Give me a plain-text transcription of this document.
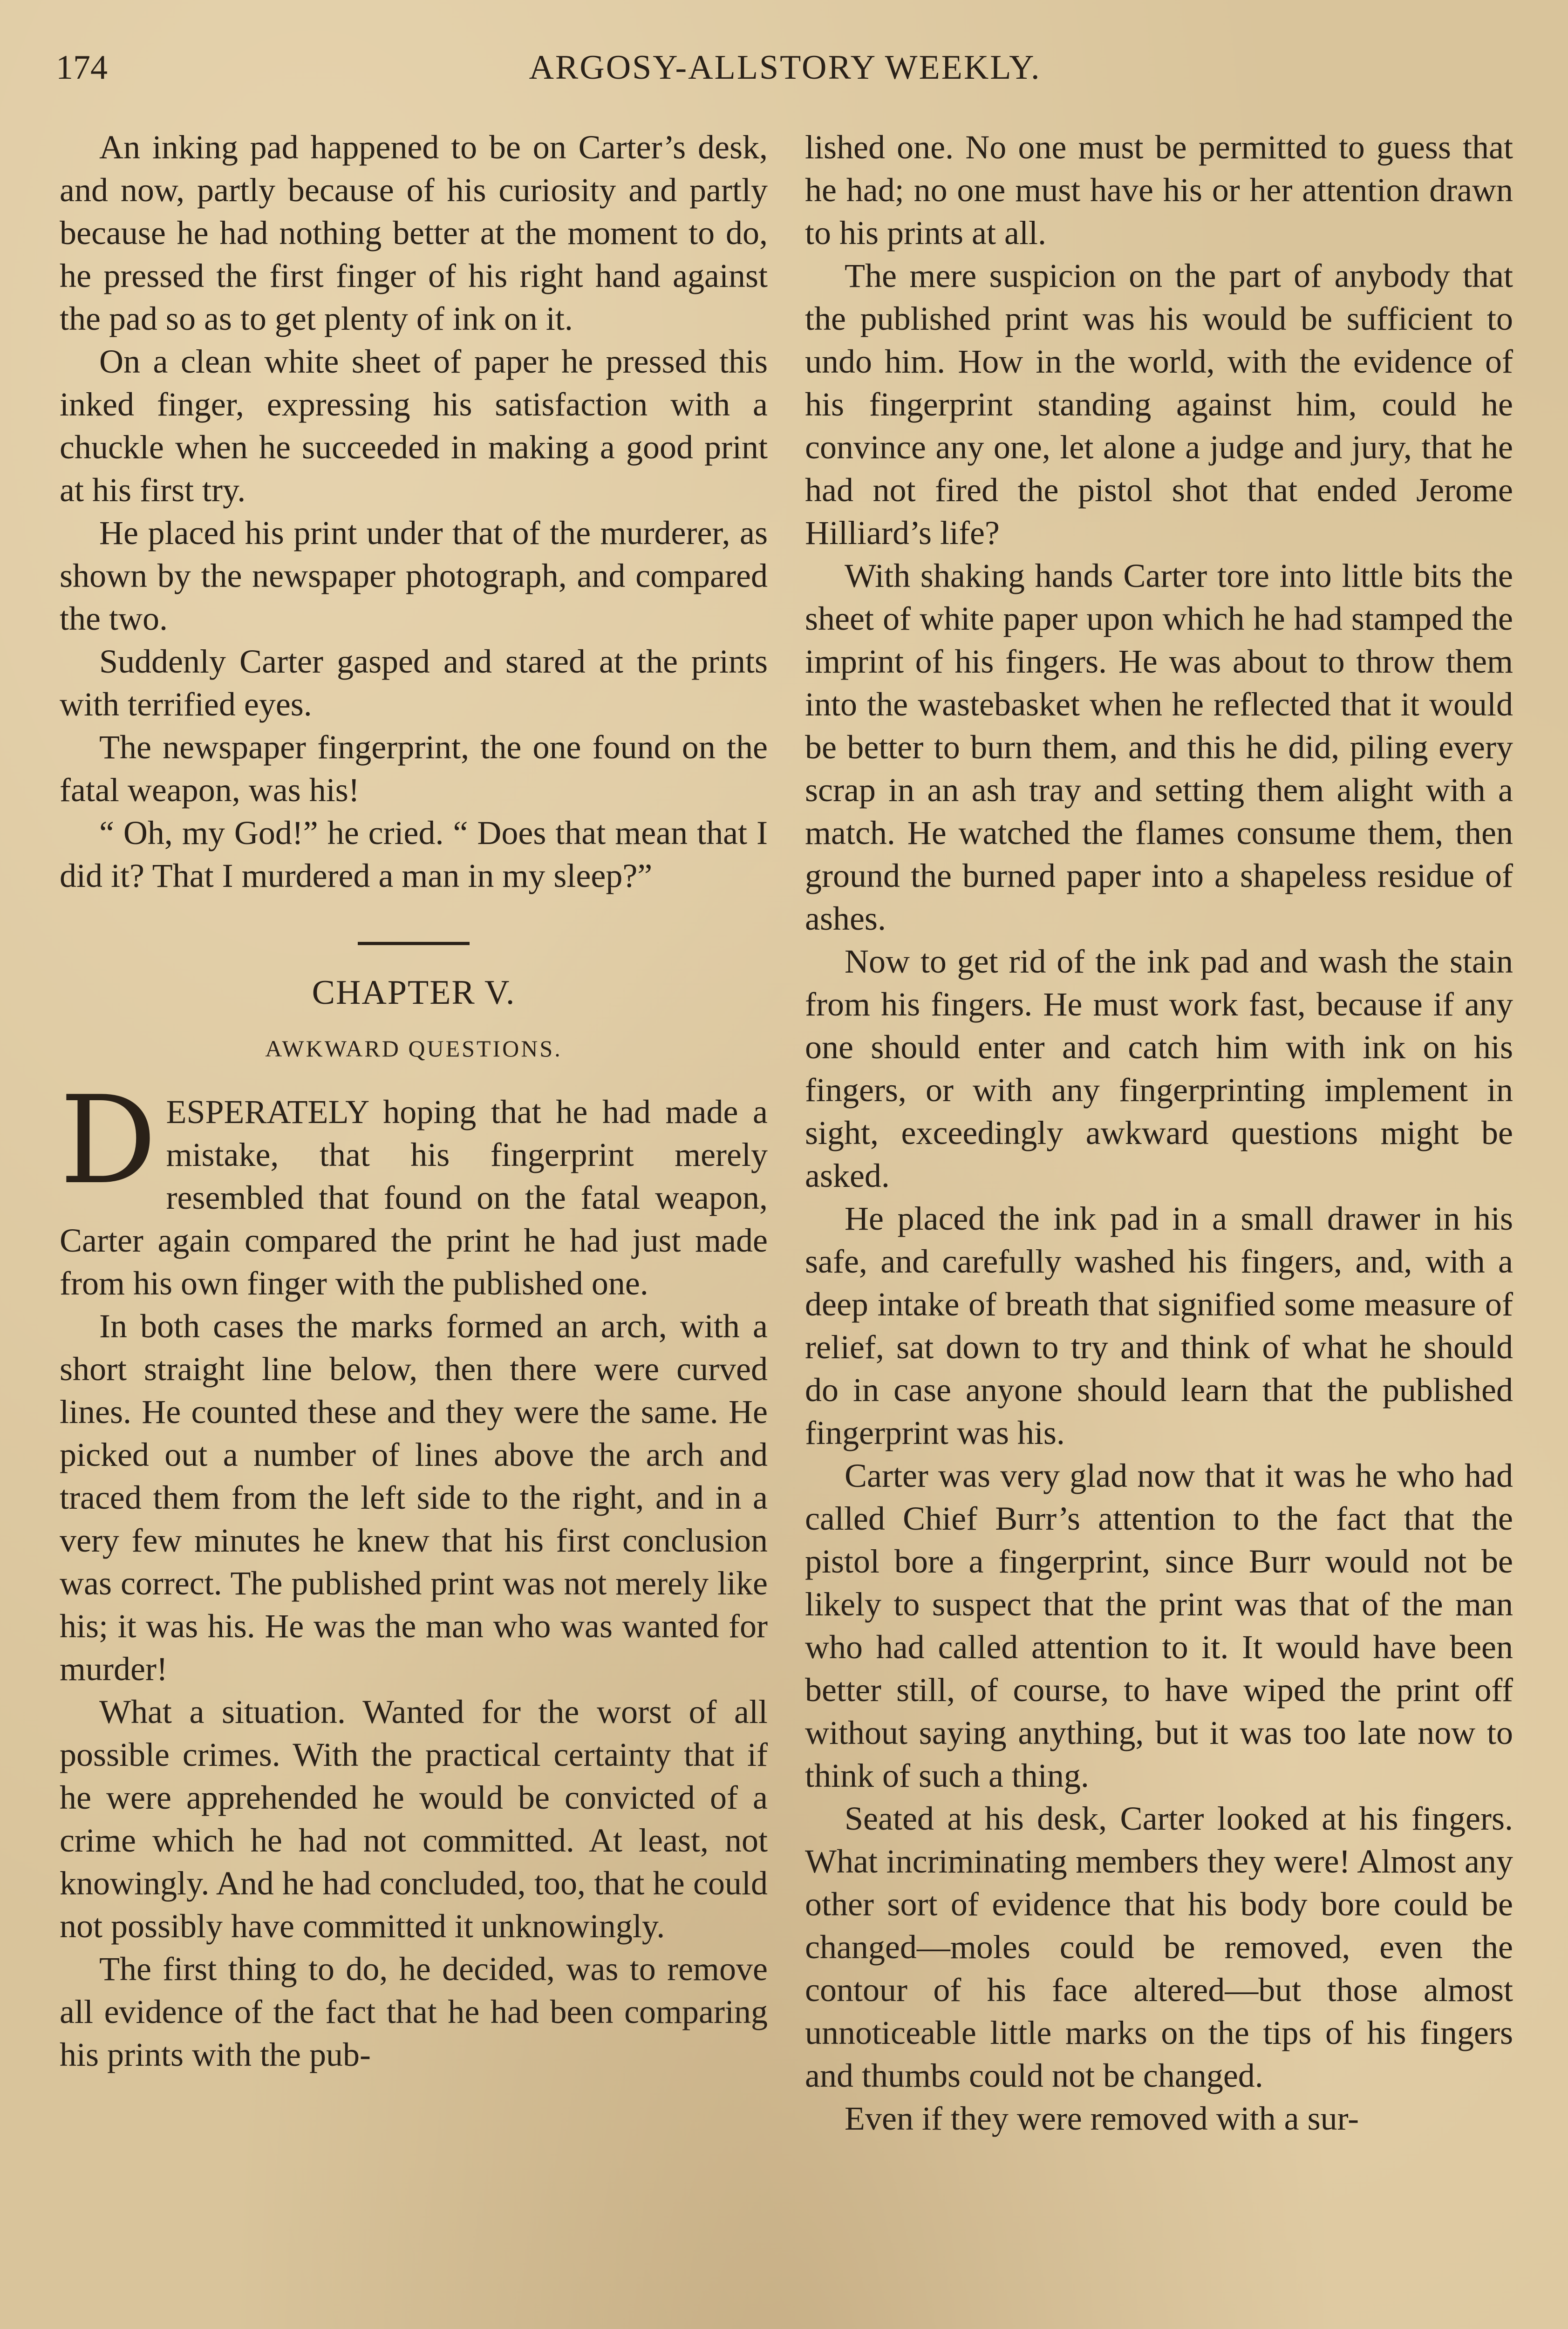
174	ARGOSY-ALLSTORY WEEKLY.

An inking pad happened to be on Carter’s desk, and now, partly because of his curiosity and partly because he had nothing better at the moment to do, he pressed the first finger of his right hand against the pad so as to get plenty of ink on it.

On a clean white sheet of paper he pressed this inked finger, expressing his satisfaction with a chuckle when he succeeded in making a good print at his first try.

He placed his print under that of the murderer, as shown by the newspaper photograph, and compared the two.

Suddenly Carter gasped and stared at the prints with terrified eyes.

The newspaper fingerprint, the one found on the fatal weapon, was his!

“ Oh, my God!” he cried. “ Does that mean that I did it? That I murdered a man in my sleep?”

CHAPTER V.
AWKWARD QUESTIONS.

DESPERATELY hoping that he had made a mistake, that his fingerprint merely resembled that found on the fatal weapon, Carter again compared the print he had just made from his own finger with the published one.

In both cases the marks formed an arch, with a short straight line below, then there were curved lines. He counted these and they were the same. He picked out a number of lines above the arch and traced them from the left side to the right, and in a very few minutes he knew that his first conclusion was correct. The published print was not merely like his; it was his. He was the man who was wanted for murder!

What a situation. Wanted for the worst of all possible crimes. With the practical certainty that if he were apprehended he would be convicted of a crime which he had not committed. At least, not knowingly. And he had concluded, too, that he could not possibly have committed it unknowingly.

The first thing to do, he decided, was to remove all evidence of the fact that he had been comparing his prints with the pub-

lished one. No one must be permitted to guess that he had; no one must have his or her attention drawn to his prints at all.

The mere suspicion on the part of anybody that the published print was his would be sufficient to undo him. How in the world, with the evidence of his fingerprint standing against him, could he convince any one, let alone a judge and jury, that he had not fired the pistol shot that ended Jerome Hilliard’s life?

With shaking hands Carter tore into little bits the sheet of white paper upon which he had stamped the imprint of his fingers. He was about to throw them into the wastebasket when he reflected that it would be better to burn them, and this he did, piling every scrap in an ash tray and setting them alight with a match. He watched the flames consume them, then ground the burned paper into a shapeless residue of ashes.

Now to get rid of the ink pad and wash the stain from his fingers. He must work fast, because if any one should enter and catch him with ink on his fingers, or with any fingerprinting implement in sight, exceedingly awkward questions might be asked.

He placed the ink pad in a small drawer in his safe, and carefully washed his fingers, and, with a deep intake of breath that signified some measure of relief, sat down to try and think of what he should do in case anyone should learn that the published fingerprint was his.

Carter was very glad now that it was he who had called Chief Burr’s attention to the fact that the pistol bore a fingerprint, since Burr would not be likely to suspect that the print was that of the man who had called attention to it. It would have been better still, of course, to have wiped the print off without saying anything, but it was too late now to think of such a thing.

Seated at his desk, Carter looked at his fingers. What incriminating members they were! Almost any other sort of evidence that his body bore could be changed—moles could be removed, even the contour of his face altered—but those almost unnoticeable little marks on the tips of his fingers and thumbs could not be changed.

Even if they were removed with a sur-
